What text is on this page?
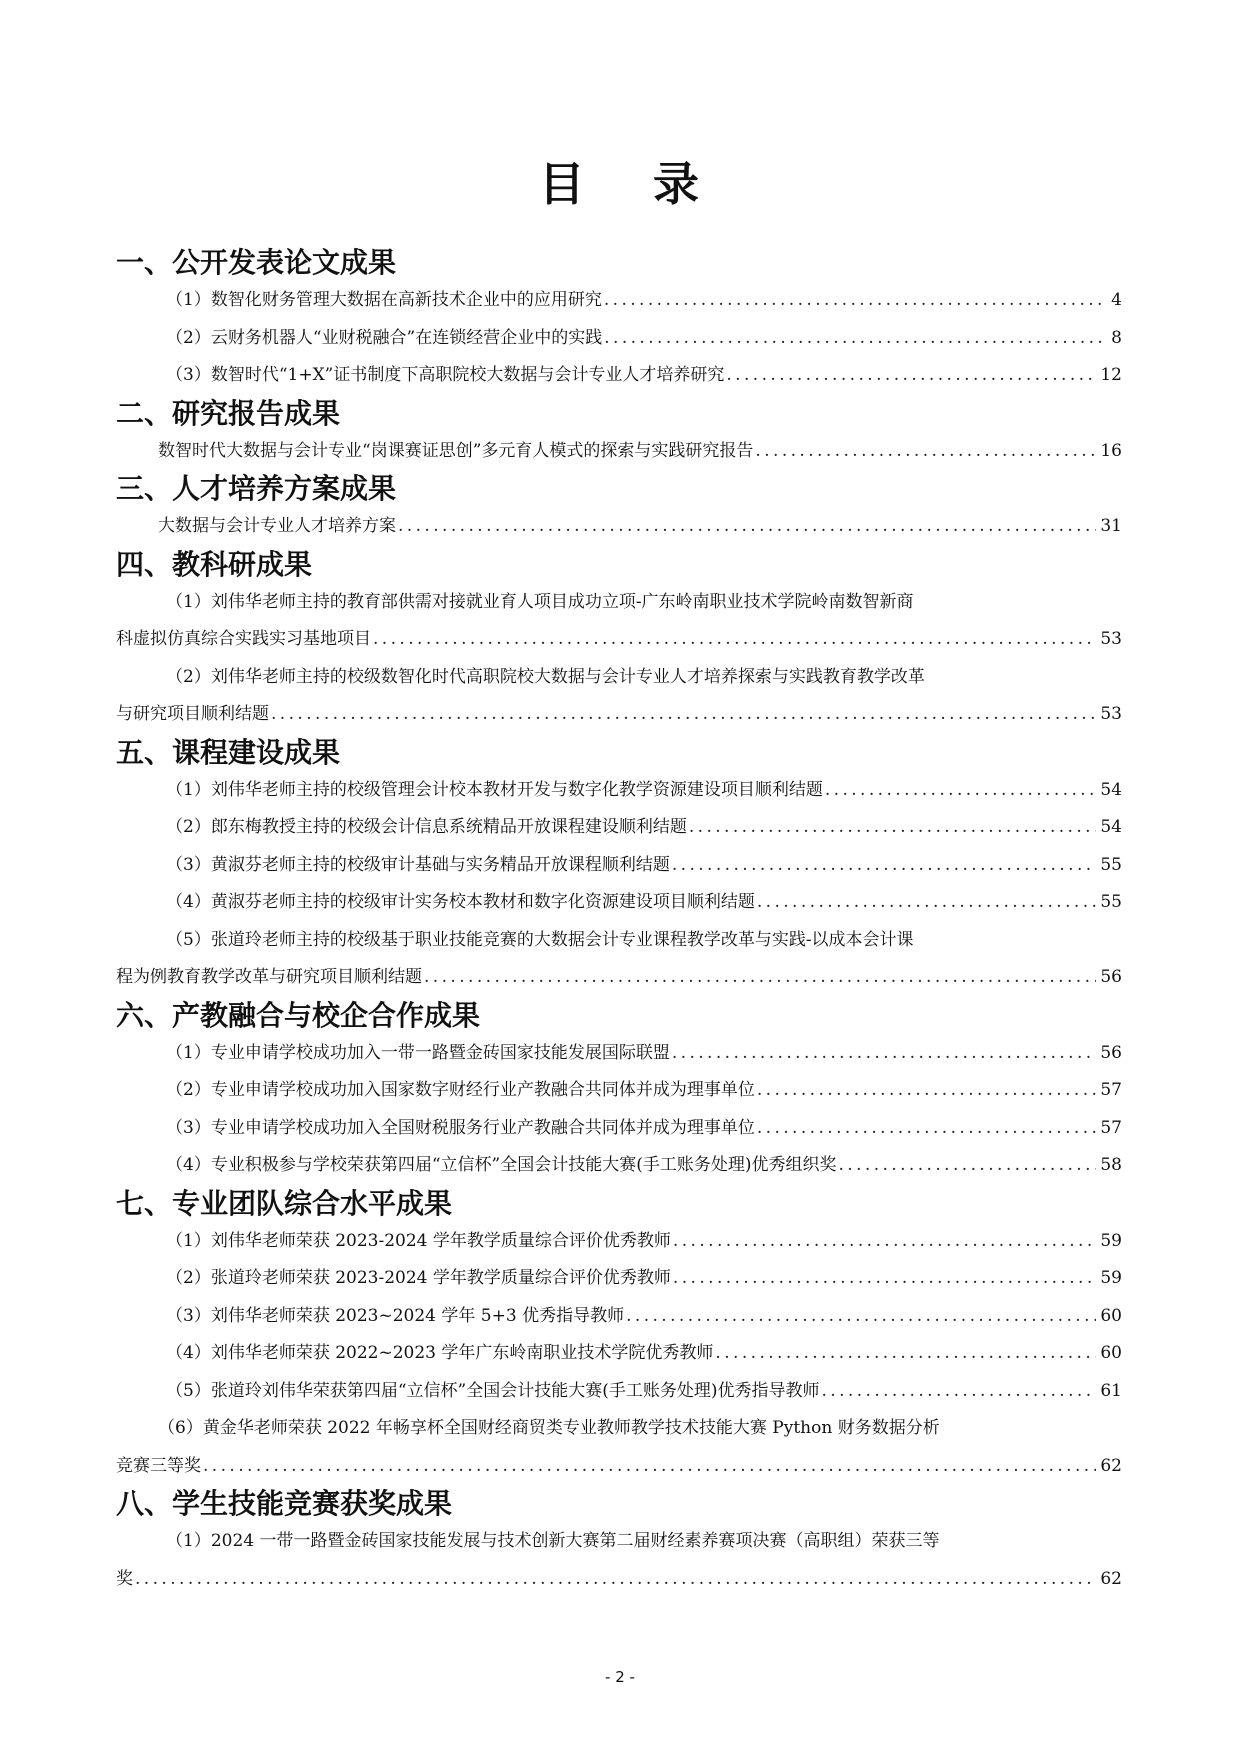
目 录
一、公开发表论文成果
（1）数智化财务管理大数据在高新技术企业中的应用研究 . . .	4
（2）云财务机器人“业财税融合”在连锁经营企业中的实践 . . .	8
（3）数智时代“1+X”证书制度下高职院校大数据与会计专业人才培养研究 . . .	12
二、研究报告成果
数智时代大数据与会计专业“岗课赛证思创”多元育人模式的探索与实践研究报告 . . .	16
三、人才培养方案成果
大数据与会计专业人才培养方案 . . .	31
四、教科研成果
（1）刘伟华老师主持的教育部供需对接就业育人项目成功立项-广东岭南职业技术学院岭南数智新商
科虚拟仿真综合实践实习基地项目 . . .	53
（2）刘伟华老师主持的校级数智化时代高职院校大数据与会计专业人才培养探索与实践教育教学改革
与研究项目顺利结题 . . .	53
五、课程建设成果
（1）刘伟华老师主持的校级管理会计校本教材开发与数字化教学资源建设项目顺利结题 . . .	54
（2）郎东梅教授主持的校级会计信息系统精品开放课程建设顺利结题 . . .	54
（3）黄淑芬老师主持的校级审计基础与实务精品开放课程顺利结题 . . .	55
（4）黄淑芬老师主持的校级审计实务校本教材和数字化资源建设项目顺利结题 . . .	55
（5）张道玲老师主持的校级基于职业技能竞赛的大数据会计专业课程教学改革与实践-以成本会计课
程为例教育教学改革与研究项目顺利结题 . . .	56
六、产教融合与校企合作成果
（1）专业申请学校成功加入一带一路暨金砖国家技能发展国际联盟 . . .	56
（2）专业申请学校成功加入国家数字财经行业产教融合共同体并成为理事单位 . . .	57
（3）专业申请学校成功加入全国财税服务行业产教融合共同体并成为理事单位 . . .	57
（4）专业积极参与学校荣获第四届“立信杯”全国会计技能大赛(手工账务处理)优秀组织奖 . . .	58
七、专业团队综合水平成果
（1）刘伟华老师荣获 2023-2024 学年教学质量综合评价优秀教师 . . .	59
（2）张道玲老师荣获 2023-2024 学年教学质量综合评价优秀教师 . . .	59
（3）刘伟华老师荣获 2023~2024 学年 5+3 优秀指导教师 . . .	60
（4）刘伟华老师荣获 2022~2023 学年广东岭南职业技术学院优秀教师 . . .	60
（5）张道玲刘伟华荣获第四届“立信杯”全国会计技能大赛(手工账务处理)优秀指导教师 . . .	61
（6）黄金华老师荣获 2022 年畅享杯全国财经商贸类专业教师教学技术技能大赛 Python 财务数据分析
竞赛三等奖 . . .	62
八、学生技能竞赛获奖成果
（1）2024 一带一路暨金砖国家技能发展与技术创新大赛第二届财经素养赛项决赛（高职组）荣获三等
奖 . . .	62
- 2 -
